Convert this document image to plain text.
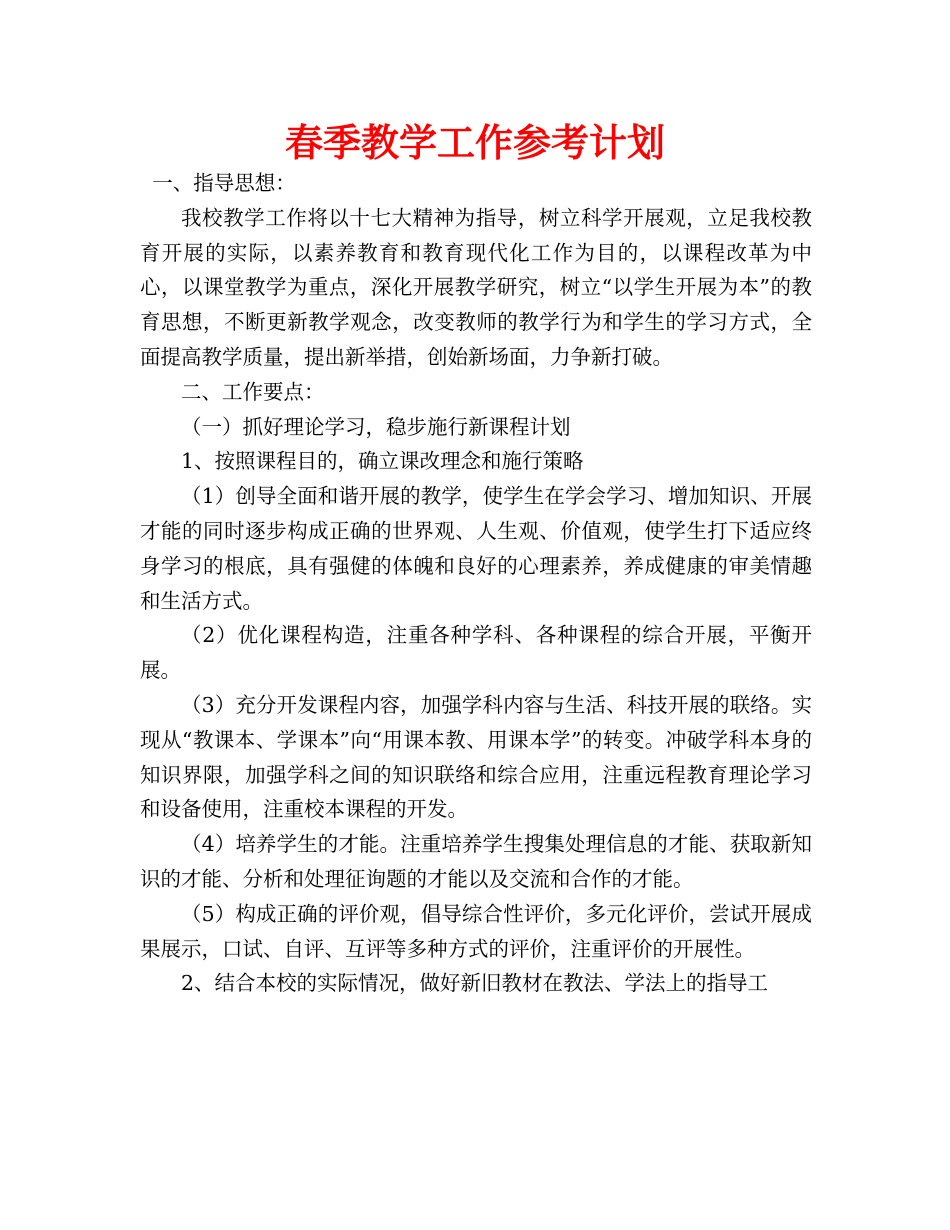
春季教学工作参考计划

一、指导思想：

我校教学工作将以十七大精神为指导，树立科学开展观，立足我校教育开展的实际，以素养教育和教育现代化工作为目的，以课程改革为中心，以课堂教学为重点，深化开展教学研究，树立“以学生开展为本”的教育思想，不断更新教学观念，改变教师的教学行为和学生的学习方式，全面提高教学质量，提出新举措，创始新场面，力争新打破。

二、工作要点：

（一）抓好理论学习，稳步施行新课程计划

1、按照课程目的，确立课改理念和施行策略

（1）创导全面和谐开展的教学，使学生在学会学习、增加知识、开展才能的同时逐步构成正确的世界观、人生观、价值观，使学生打下适应终身学习的根底，具有强健的体魄和良好的心理素养，养成健康的审美情趣和生活方式。

（2）优化课程构造，注重各种学科、各种课程的综合开展，平衡开展。

（3）充分开发课程内容，加强学科内容与生活、科技开展的联络。实现从“教课本、学课本”向“用课本教、用课本学”的转变。冲破学科本身的知识界限，加强学科之间的知识联络和综合应用，注重远程教育理论学习和设备使用，注重校本课程的开发。

（4）培养学生的才能。注重培养学生搜集处理信息的才能、获取新知识的才能、分析和处理征询题的才能以及交流和合作的才能。

（5）构成正确的评价观，倡导综合性评价，多元化评价，尝试开展成果展示，口试、自评、互评等多种方式的评价，注重评价的开展性。

2、结合本校的实际情况，做好新旧教材在教法、学法上的指导工
